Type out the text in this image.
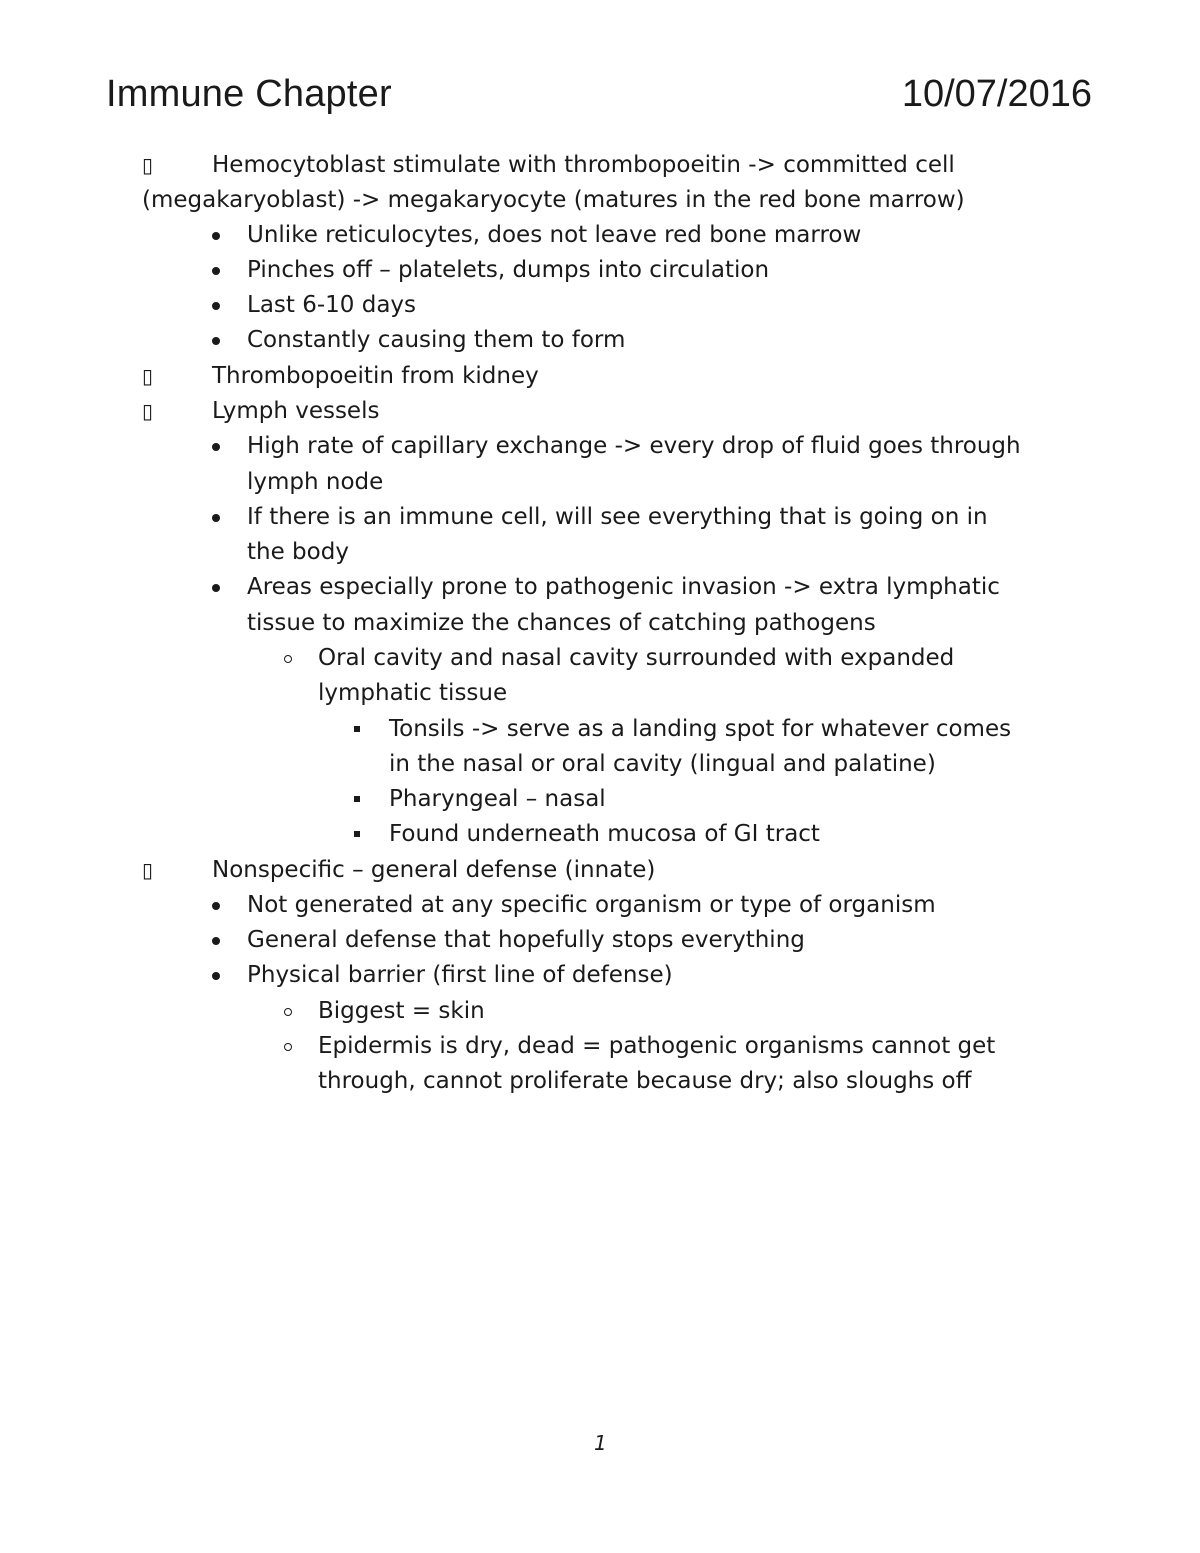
Immune Chapter	10/07/2016
▯	Hemocytoblast stimulate with thrombopoeitin -> committed cell
(megakaryoblast) -> megakaryocyte (matures in the red bone marrow)
Unlike reticulocytes, does not leave red bone marrow
Pinches off – platelets, dumps into circulation
Last 6-10 days
Constantly causing them to form
▯	Thrombopoeitin from kidney
▯	Lymph vessels
High rate of capillary exchange -> every drop of fluid goes through
lymph node
If there is an immune cell, will see everything that is going on in
the body
Areas especially prone to pathogenic invasion -> extra lymphatic
tissue to maximize the chances of catching pathogens
Oral cavity and nasal cavity surrounded with expanded
lymphatic tissue
Tonsils -> serve as a landing spot for whatever comes
in the nasal or oral cavity (lingual and palatine)
Pharyngeal – nasal
Found underneath mucosa of GI tract
▯	Nonspecific – general defense (innate)
Not generated at any specific organism or type of organism
General defense that hopefully stops everything
Physical barrier (first line of defense)
Biggest = skin
Epidermis is dry, dead = pathogenic organisms cannot get
through, cannot proliferate because dry; also sloughs off
1
